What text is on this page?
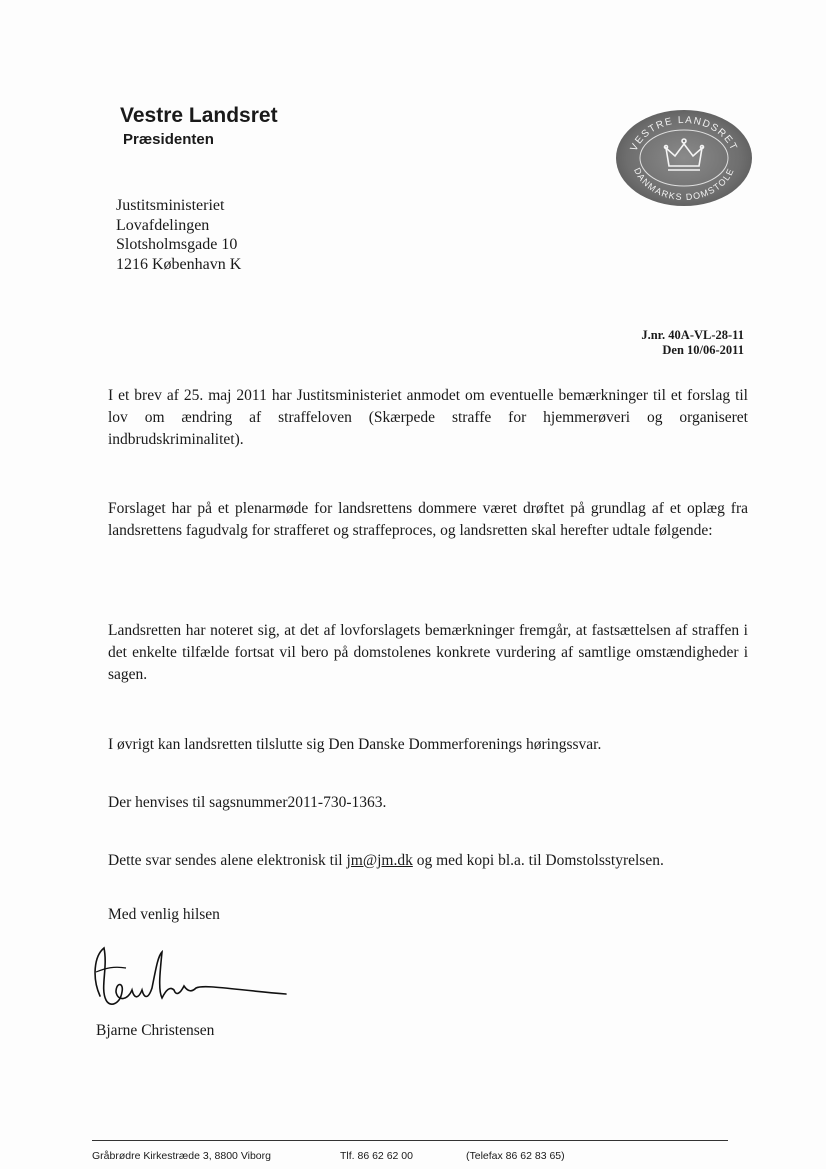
Vestre Landsret
Præsidenten	VESTRE LANDSRET
DANMARKS DOMSTOLE
Justitsministeriet
Lovafdelingen
Slotsholmsgade 10
1216 København K
J.nr. 40A-VL-28-11
Den 10/06-2011
I et brev af 25. maj 2011 har Justitsministeriet anmodet om eventuelle bemærkninger til et forslag til lov om ændring af straffeloven (Skærpede straffe for hjemmerøveri og organiseret indbrudskriminalitet).
Forslaget har på et plenarmøde for landsrettens dommere været drøftet på grundlag af et oplæg fra landsrettens fagudvalg for strafferet og straffeproces, og landsretten skal herefter udtale følgende:
Landsretten har noteret sig, at det af lovforslagets bemærkninger fremgår, at fastsættelsen af straffen i det enkelte tilfælde fortsat vil bero på domstolenes konkrete vurdering af samtlige omstændigheder i sagen.
I øvrigt kan landsretten tilslutte sig Den Danske Dommerforenings høringssvar.
Der henvises til sagsnummer2011-730-1363.
Dette svar sendes alene elektronisk til jm@jm.dk og med kopi bl.a. til Domstolsstyrelsen.
Med venlig hilsen
Bjarne Christensen
Gråbrødre Kirkestræde 3, 8800 Viborg	Tlf. 86 62 62 00	(Telefax 86 62 83 65)
